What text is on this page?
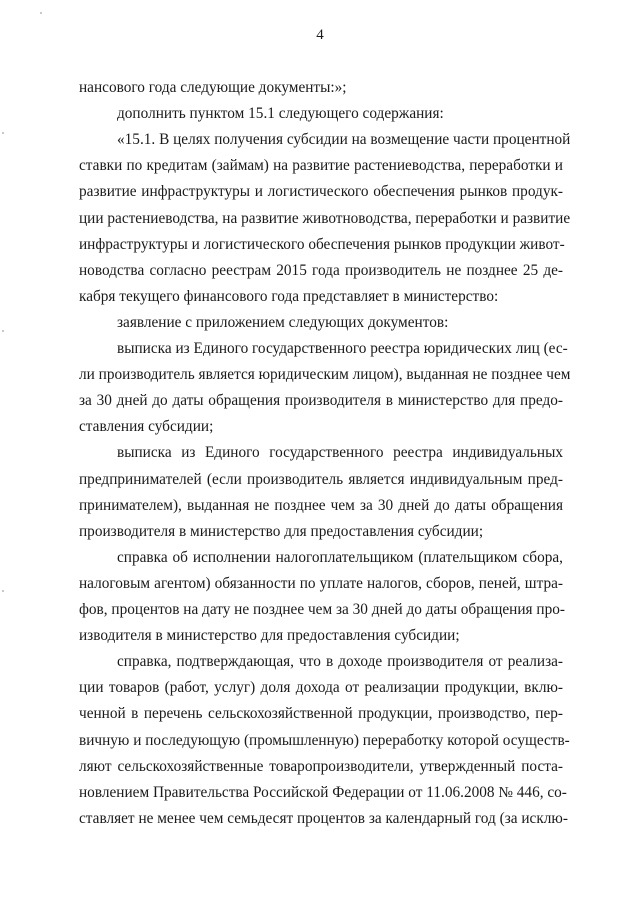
4
нансового года следующие документы:»;
дополнить пунктом 15.1 следующего содержания:
«15.1. В целях получения субсидии на возмещение части процентной
ставки по кредитам (займам) на развитие растениеводства, переработки и
развитие инфраструктуры и логистического обеспечения рынков продук-
ции растениеводства, на развитие животноводства, переработки и развитие
инфраструктуры и логистического обеспечения рынков продукции живот-
новодства согласно реестрам 2015 года производитель не позднее 25 де-
кабря текущего финансового года представляет в министерство:
заявление с приложением следующих документов:
выписка из Единого государственного реестра юридических лиц (ес-
ли производитель является юридическим лицом), выданная не позднее чем
за 30 дней до даты обращения производителя в министерство для предо-
ставления субсидии;
выписка из Единого государственного реестра индивидуальных
предпринимателей (если производитель является индивидуальным пред-
принимателем), выданная не позднее чем за 30 дней до даты обращения
производителя в министерство для предоставления субсидии;
справка об исполнении налогоплательщиком (плательщиком сбора,
налоговым агентом) обязанности по уплате налогов, сборов, пеней, штра-
фов, процентов на дату не позднее чем за 30 дней до даты обращения про-
изводителя в министерство для предоставления субсидии;
справка, подтверждающая, что в доходе производителя от реализа-
ции товаров (работ, услуг) доля дохода от реализации продукции, вклю-
ченной в перечень сельскохозяйственной продукции, производство, пер-
вичную и последующую (промышленную) переработку которой осуществ-
ляют сельскохозяйственные товаропроизводители, утвержденный поста-
новлением Правительства Российской Федерации от 11.06.2008 № 446, со-
ставляет не менее чем семьдесят процентов за календарный год (за исклю-
